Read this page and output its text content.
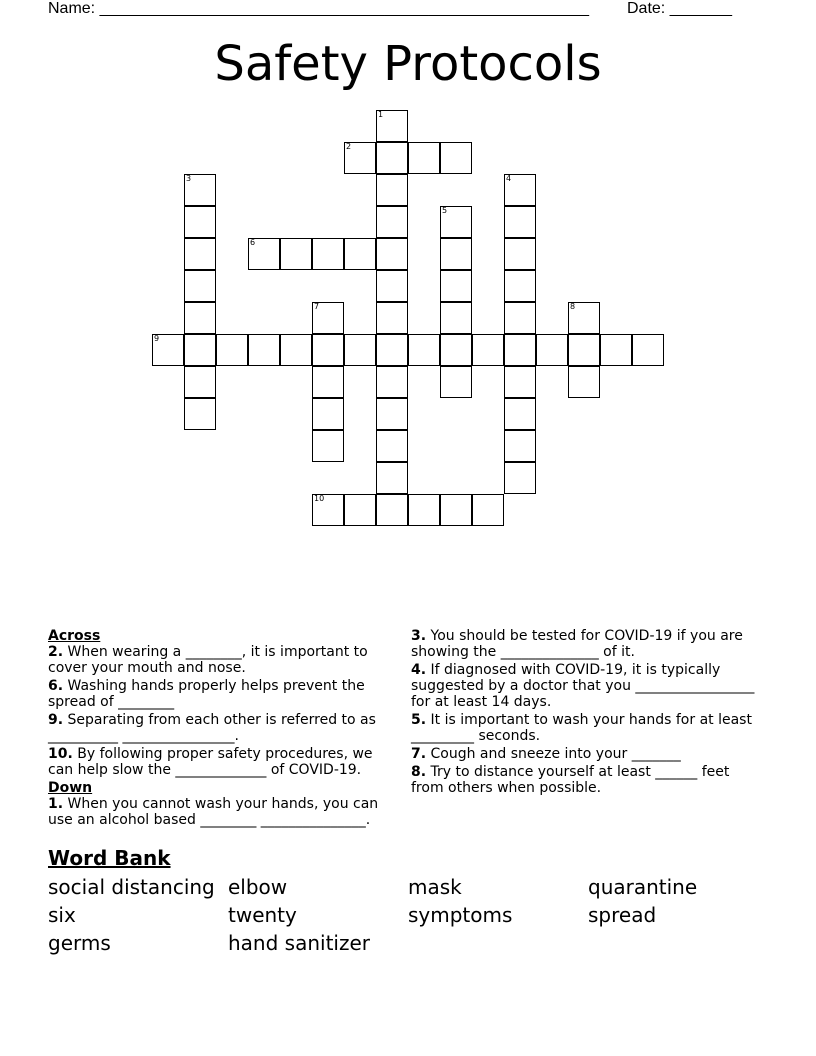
Name: _______________________________________________________ Date: _______
Safety Protocols
1
2
3	4
5
6
7	8
9
10

Across

2. When wearing a ________, it is important to cover your mouth and nose.

6. Washing hands properly helps prevent the spread of ________

9. Separating from each other is referred to as __________ ________________.

10. By following proper safety procedures, we can help slow the _____________ of COVID-19.

Down

1. When you cannot wash your hands, you can use an alcohol based ________ _______________.

3. You should be tested for COVID-19 if you are showing the ______________ of it.

4. If diagnosed with COVID-19, it is typically suggested by a doctor that you _________________ for at least 14 days.

5. It is important to wash your hands for at least _________ seconds.

7. Cough and sneeze into your _______

8. Try to distance yourself at least ______ feet from others when possible.

Word Bank
social distancing elbow	mask	quarantine
six	twenty	symptoms	spread
germs	hand sanitizer
